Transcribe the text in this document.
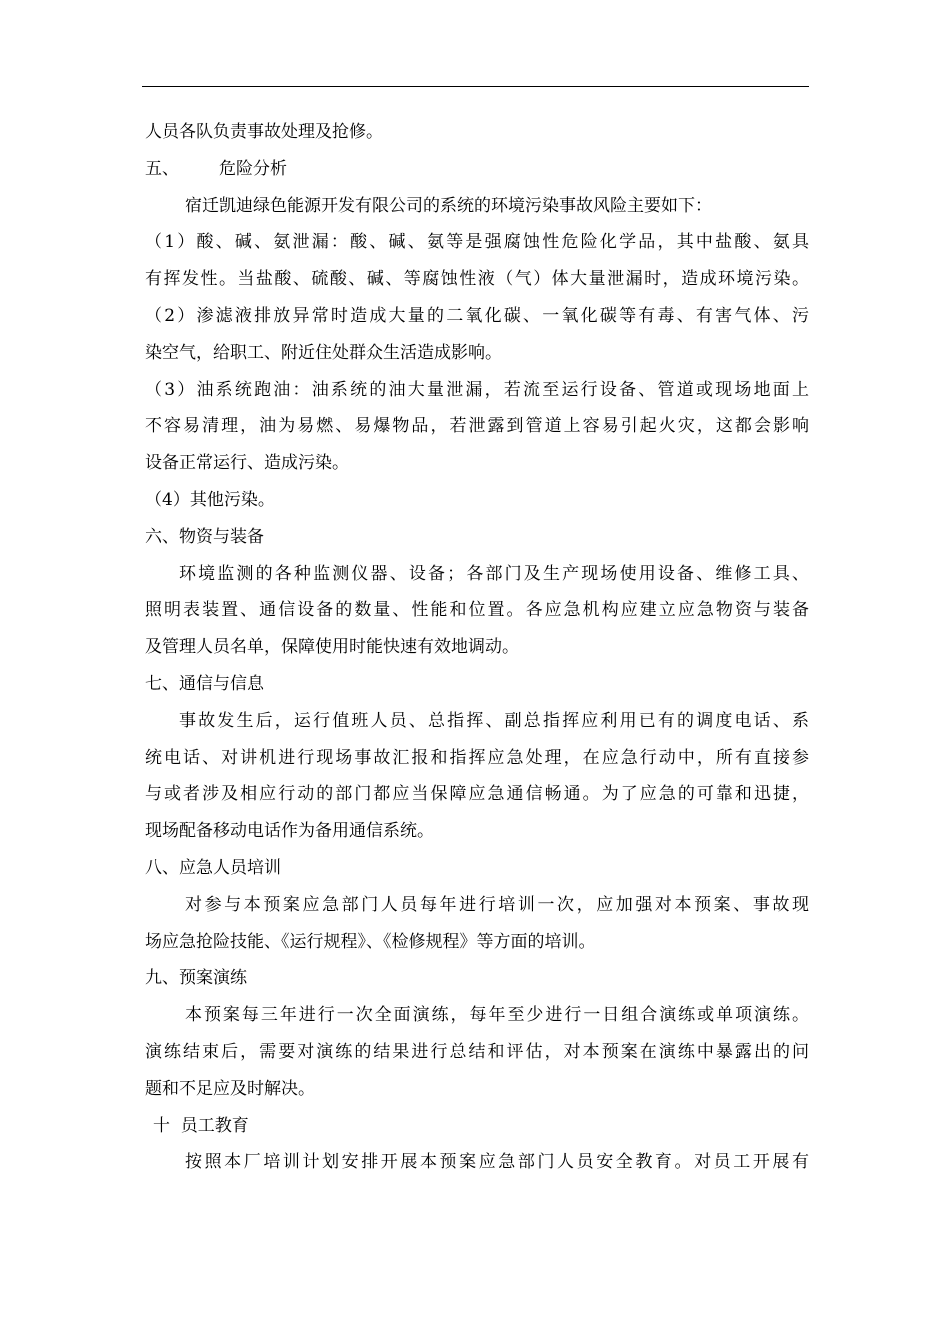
人员各队负责事故处理及抢修。
五、 危险分析
宿迁凯迪绿色能源开发有限公司的系统的环境污染事故风险主要如下：
（1）酸、碱、氨泄漏：酸、碱、氨等是强腐蚀性危险化学品，其中盐酸、氨具
有挥发性。当盐酸、硫酸、碱、等腐蚀性液（气）体大量泄漏时，造成环境污染。
（2）渗滤液排放异常时造成大量的二氧化碳、一氧化碳等有毒、有害气体、污
染空气，给职工、附近住处群众生活造成影响。
（3）油系统跑油：油系统的油大量泄漏，若流至运行设备、管道或现场地面上
不容易清理，油为易燃、易爆物品，若泄露到管道上容易引起火灾，这都会影响
设备正常运行、造成污染。
（4）其他污染。
六、物资与装备
环境监测的各种监测仪器、设备；各部门及生产现场使用设备、维修工具、
照明表装置、通信设备的数量、性能和位置。各应急机构应建立应急物资与装备
及管理人员名单，保障使用时能快速有效地调动。
七、通信与信息
事故发生后，运行值班人员、总指挥、副总指挥应利用已有的调度电话、系
统电话、对讲机进行现场事故汇报和指挥应急处理，在应急行动中，所有直接参
与或者涉及相应行动的部门都应当保障应急通信畅通。为了应急的可靠和迅捷，
现场配备移动电话作为备用通信系统。
八、应急人员培训
对参与本预案应急部门人员每年进行培训一次，应加强对本预案、事故现
场应急抢险技能、《运行规程》、《检修规程》等方面的培训。
九、预案演练
本预案每三年进行一次全面演练，每年至少进行一日组合演练或单项演练。
演练结束后，需要对演练的结果进行总结和评估，对本预案在演练中暴露出的问
题和不足应及时解决。
十  员工教育
按照本厂培训计划安排开展本预案应急部门人员安全教育。对员工开展有
